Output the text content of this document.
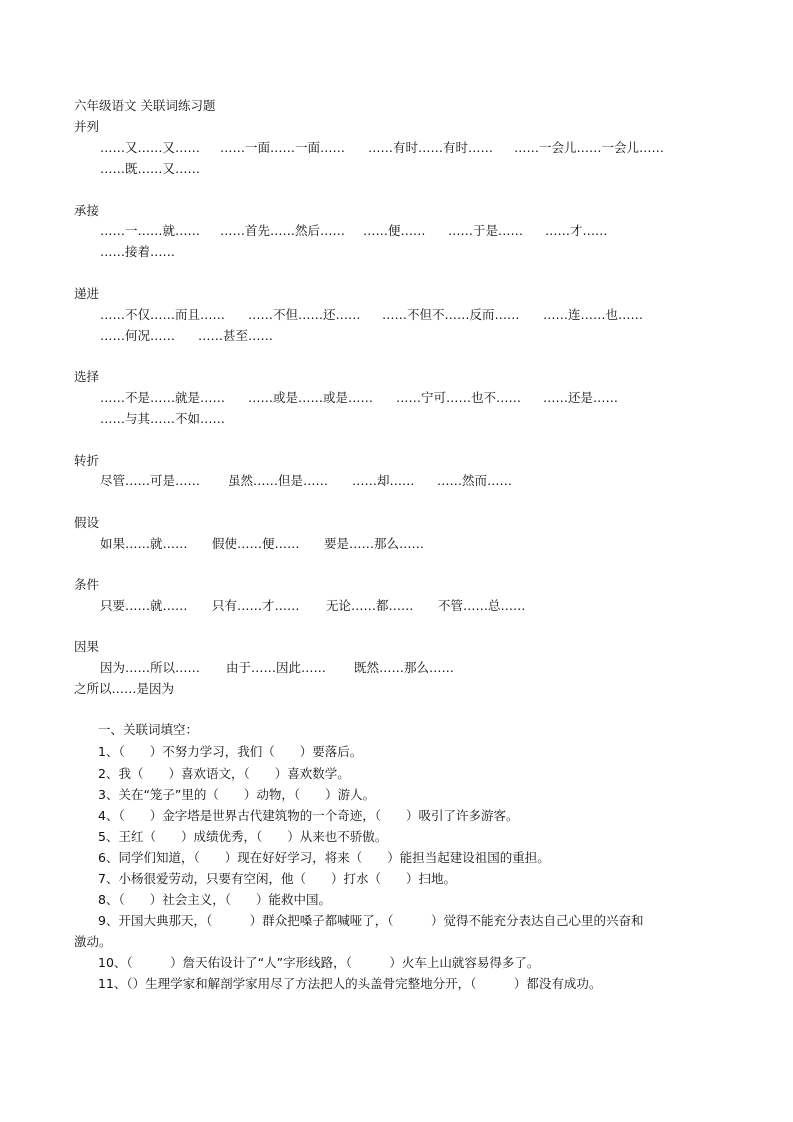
六年级语文 关联词练习题
并列
……又……又…… ……一面……一面…… ……有时……有时…… ……一会儿……一会儿……
……既……又……
承接
……一……就…… ……首先……然后…… ……便…… ……于是…… ……才……
……接着……
递进
……不仅……而且…… ……不但……还…… ……不但不……反而…… ……连……也……
……何况…… ……甚至……
选择
……不是……就是…… ……或是……或是…… ……宁可……也不…… ……还是……
……与其……不如……
转折
尽管……可是…… 虽然……但是…… ……却…… ……然而……
假设
如果……就…… 假使……便…… 要是……那么……
条件
只要……就…… 只有……才…… 无论……都…… 不管……总……
因果
因为……所以…… 由于……因此…… 既然……那么……
之所以……是因为
一、关联词填空：
1、（　　）不努力学习，我们（　　）要落后。
2、我（　　）喜欢语文，（　　）喜欢数学。
3、关在“笼子”里的（　　）动物，（　　）游人。
4、（　　）金字塔是世界古代建筑物的一个奇迹，（　　）吸引了许多游客。
5、王红（　　）成绩优秀，（　　）从来也不骄傲。
6、同学们知道，（　　）现在好好学习，将来（　　）能担当起建设祖国的重担。
7、小杨很爱劳动，只要有空闲，他（　　）打水（　　）扫地。
8、（　　）社会主义，（　　）能救中国。
9、开国大典那天，（　　　）群众把嗓子都喊哑了，（　　　）觉得不能充分表达自己心里的兴奋和
激动。
10、（　　　）詹天佑设计了“人”字形线路，（　　　）火车上山就容易得多了。
11、（）生理学家和解剖学家用尽了方法把人的头盖骨完整地分开，（　　　）都没有成功。
